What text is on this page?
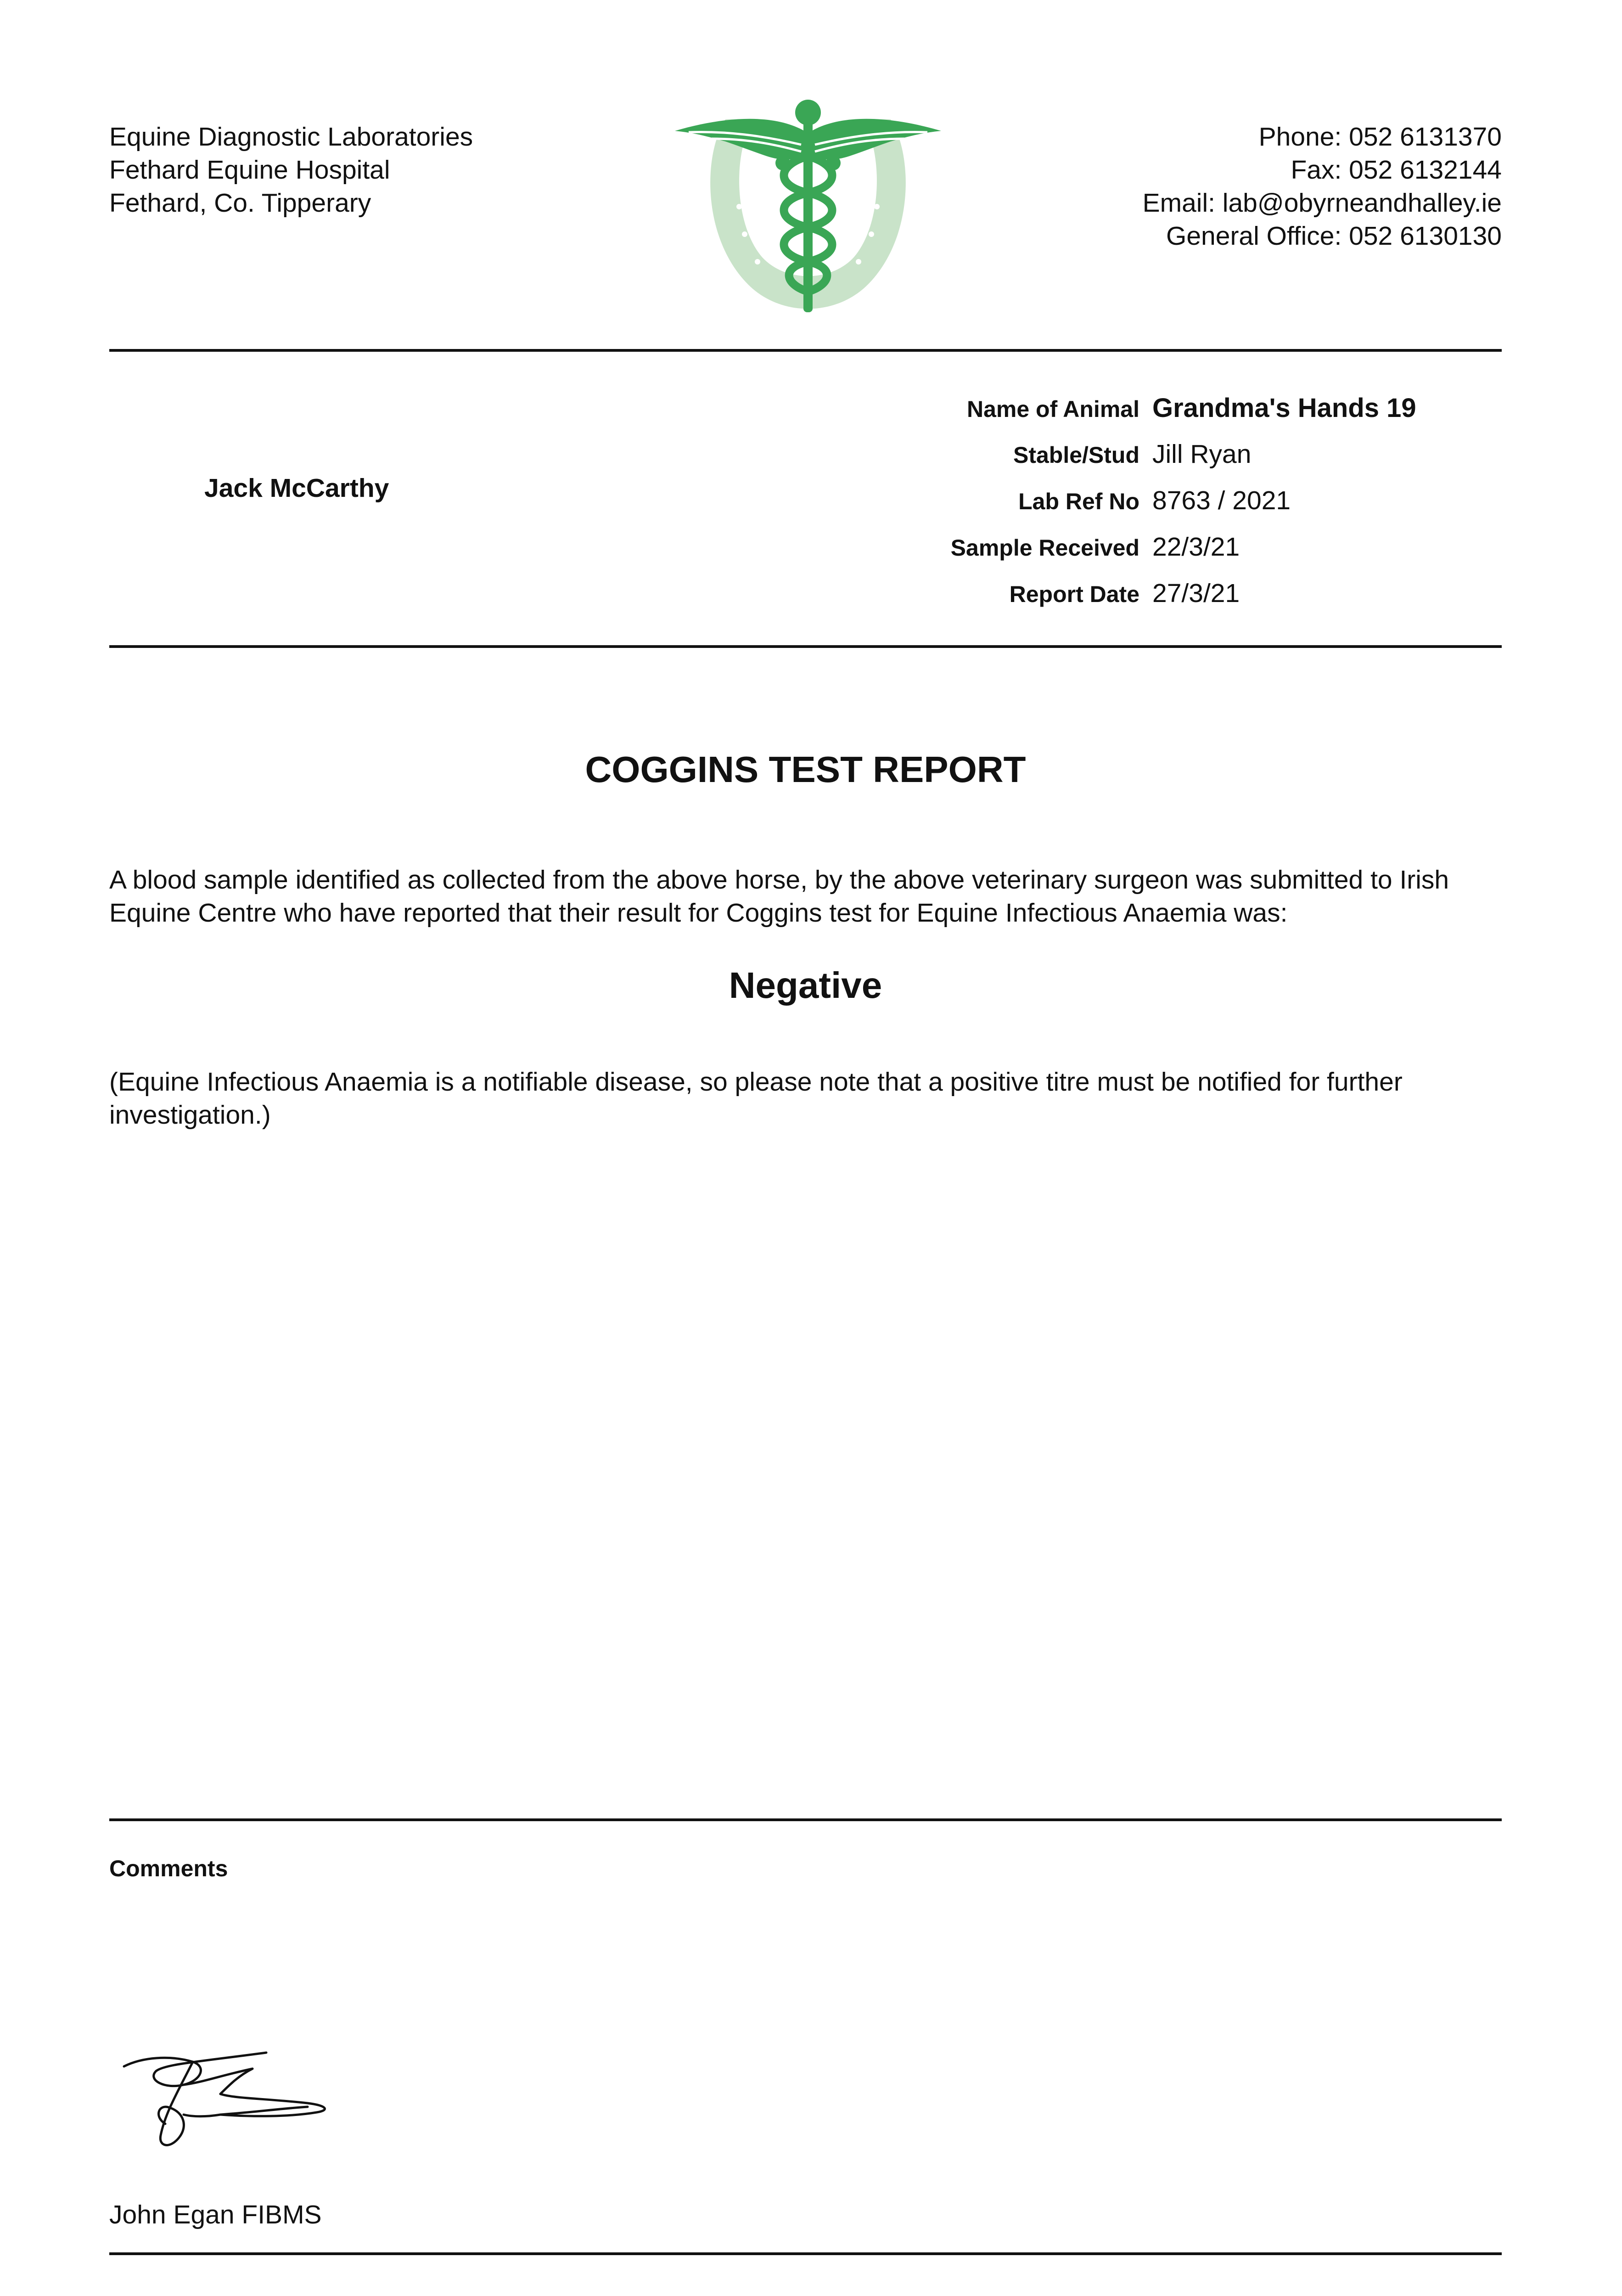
Equine Diagnostic Laboratories
Fethard Equine Hospital
Fethard, Co. Tipperary
Phone: 052 6131370
Fax: 052 6132144
Email: lab@obyrneandhalley.ie
General Office: 052 6130130
Jack McCarthy
Name of Animal Grandma's Hands 19
Stable/Stud Jill Ryan
Lab Ref No 8763 / 2021
Sample Received 22/3/21
Report Date 27/3/21
COGGINS TEST REPORT
A blood sample identified as collected from the above horse, by the above veterinary surgeon was submitted to Irish Equine Centre who have reported that their result for Coggins test for Equine Infectious Anaemia was:
Negative
(Equine Infectious Anaemia is a notifiable disease, so please note that a positive titre must be notified for further investigation.)
Comments
John Egan FIBMS
